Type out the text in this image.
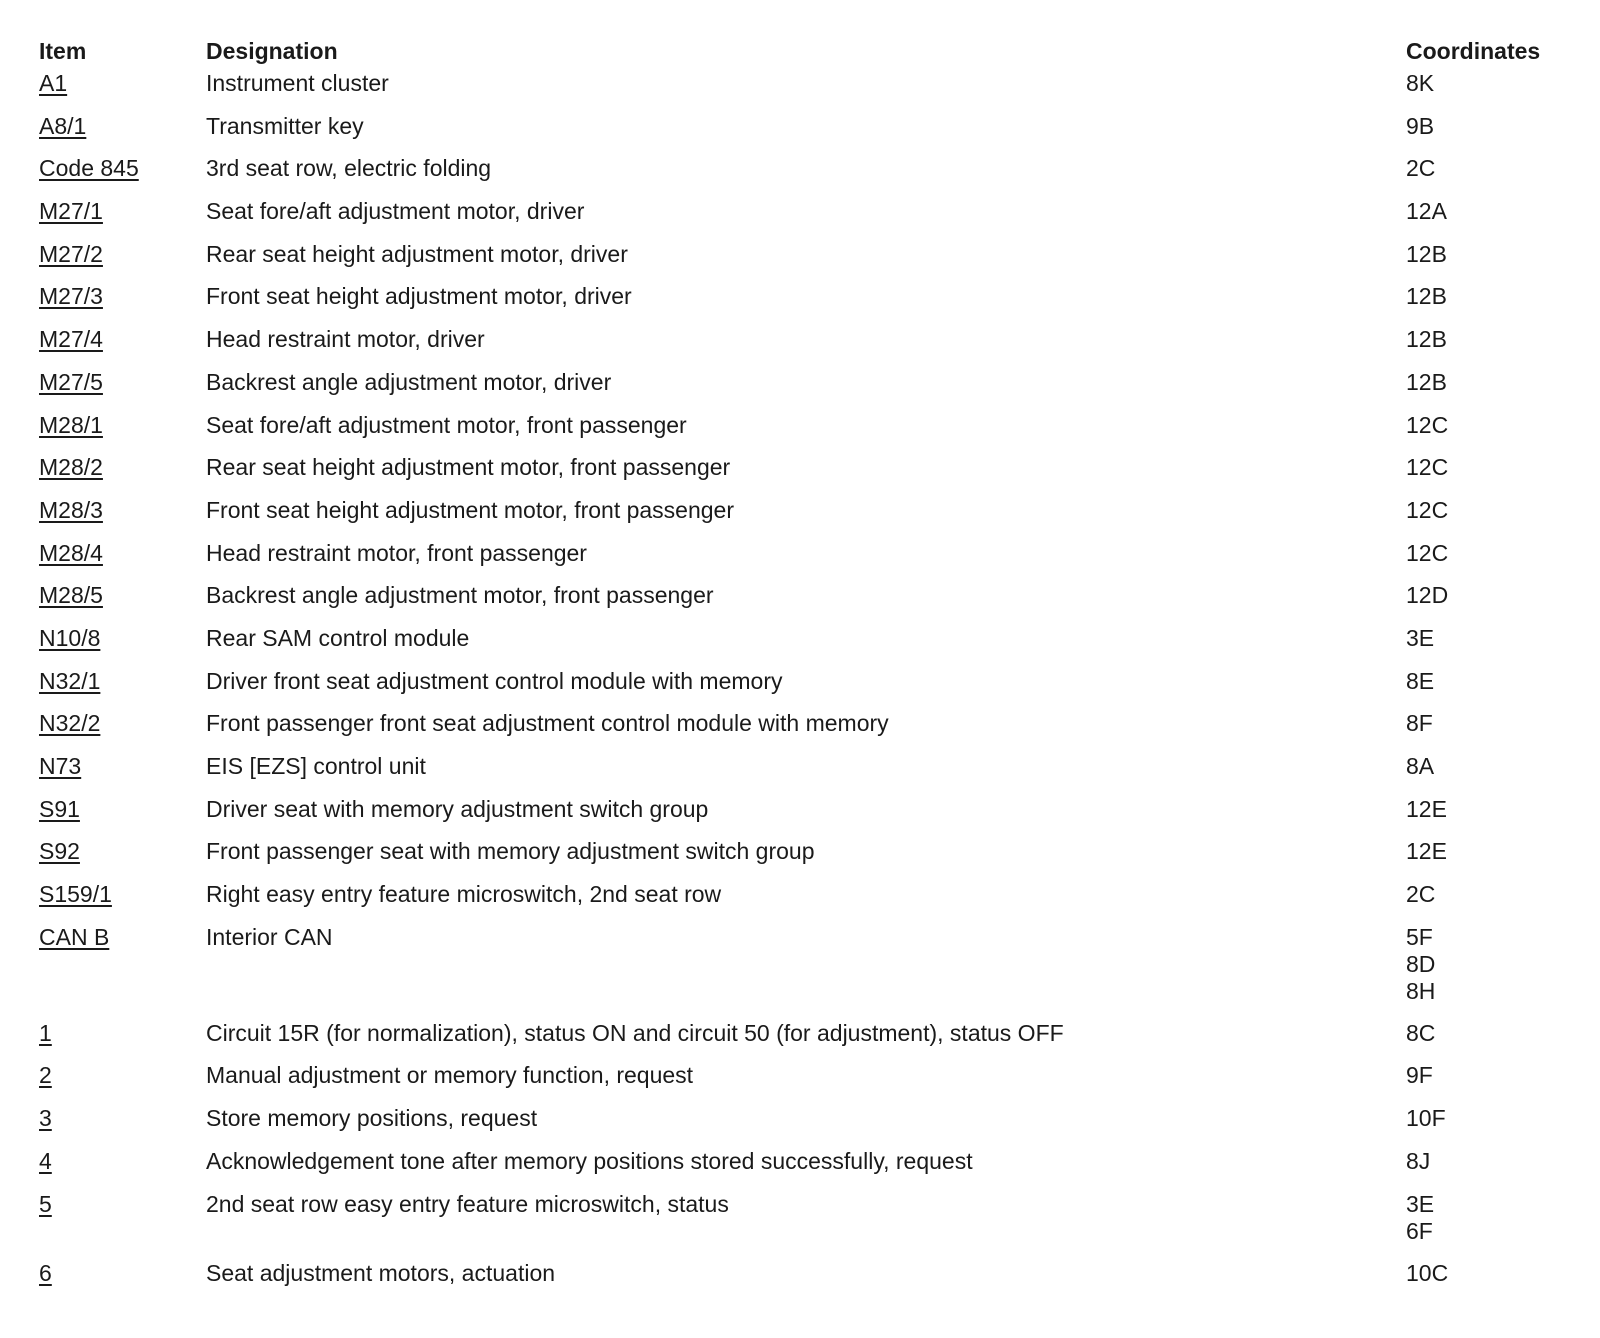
Item	Designation	Coordinates
A1	Instrument cluster	8K
A8/1	Transmitter key	9B
Code 845	3rd seat row, electric folding	2C
M27/1	Seat fore/aft adjustment motor, driver	12A
M27/2	Rear seat height adjustment motor, driver	12B
M27/3	Front seat height adjustment motor, driver	12B
M27/4	Head restraint motor, driver	12B
M27/5	Backrest angle adjustment motor, driver	12B
M28/1	Seat fore/aft adjustment motor, front passenger	12C
M28/2	Rear seat height adjustment motor, front passenger	12C
M28/3	Front seat height adjustment motor, front passenger	12C
M28/4	Head restraint motor, front passenger	12C
M28/5	Backrest angle adjustment motor, front passenger	12D
N10/8	Rear SAM control module	3E
N32/1	Driver front seat adjustment control module with memory	8E
N32/2	Front passenger front seat adjustment control module with memory	8F
N73	EIS [EZS] control unit	8A
S91	Driver seat with memory adjustment switch group	12E
S92	Front passenger seat with memory adjustment switch group	12E
S159/1	Right easy entry feature microswitch, 2nd seat row	2C
CAN B	Interior CAN	5F
8D
8H
1	Circuit 15R (for normalization), status ON and circuit 50 (for adjustment), status OFF	8C
2	Manual adjustment or memory function, request	9F
3	Store memory positions, request	10F
4	Acknowledgement tone after memory positions stored successfully, request	8J
5	2nd seat row easy entry feature microswitch, status	3E
6F
6	Seat adjustment motors, actuation	10C
